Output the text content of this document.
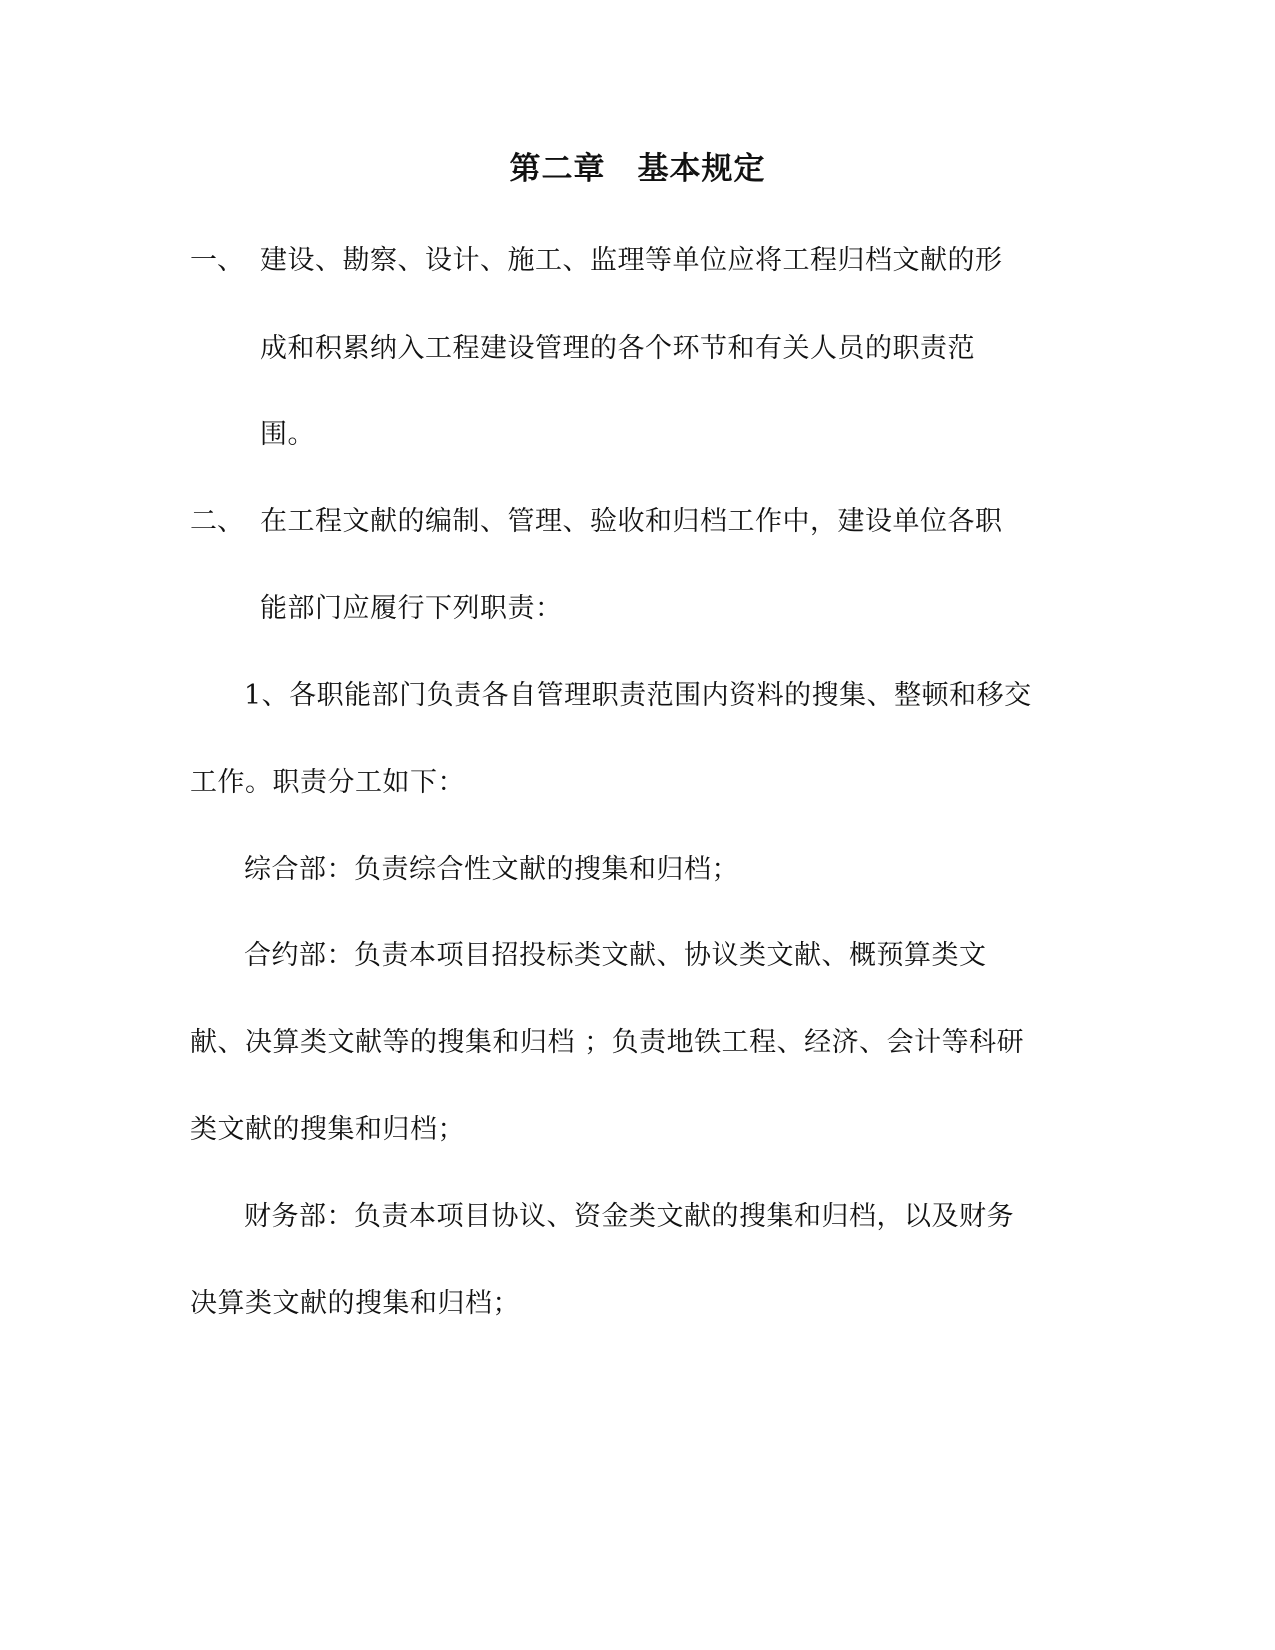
第二章　基本规定
一、 建设、勘察、设计、施工、监理等单位应将工程归档文献的形
成和积累纳入工程建设管理的各个环节和有关人员的职责范
围。
二、 在工程文献的编制、管理、验收和归档工作中，建设单位各职
能部门应履行下列职责：
1、各职能部门负责各自管理职责范围内资料的搜集、整顿和移交
工作。职责分工如下：
综合部：负责综合性文献的搜集和归档；
合约部：负责本项目招投标类文献、协议类文献、概预算类文
献、决算类文献等的搜集和归档 ；负责地铁工程、经济、会计等科研
类文献的搜集和归档；
财务部：负责本项目协议、资金类文献的搜集和归档，以及财务
决算类文献的搜集和归档；
